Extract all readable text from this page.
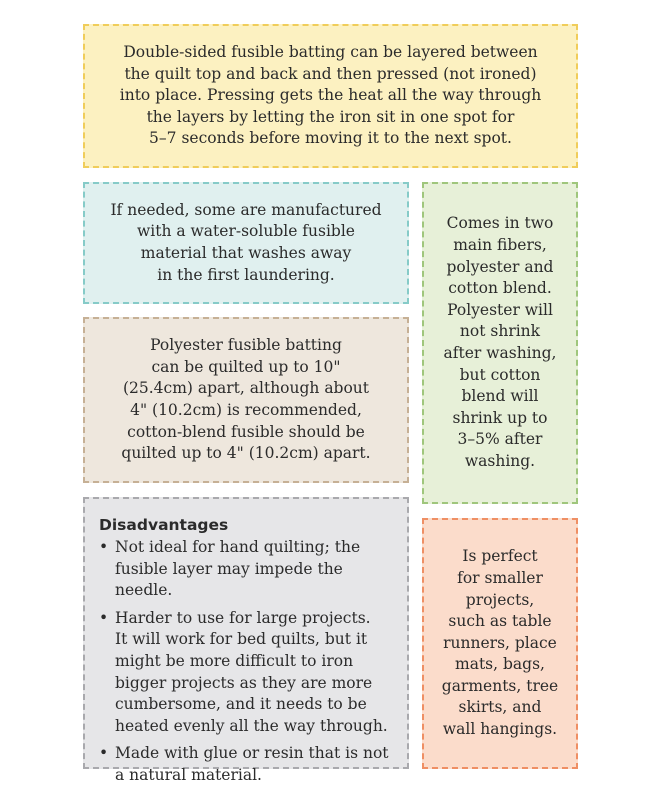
Double-sided fusible batting can be layered between
the quilt top and back and then pressed (not ironed)
into place. Pressing gets the heat all the way through
the layers by letting the iron sit in one spot for
5–7 seconds before moving it to the next spot.

If needed, some are manufactured
with a water-soluble fusible
material that washes away
in the first laundering.

Polyester fusible batting
can be quilted up to 10"
(25.4cm) apart, although about
4" (10.2cm) is recommended,
cotton-blend fusible should be
quilted up to 4" (10.2cm) apart.

Comes in two
main fibers,
polyester and
cotton blend.
Polyester will
not shrink
after washing,
but cotton
blend will
shrink up to
3–5% after
washing.

Disadvantages
• Not ideal for hand quilting; the
fusible layer may impede the needle.
• Harder to use for large projects.
It will work for bed quilts, but it
might be more difficult to iron
bigger projects as they are more
cumbersome, and it needs to be
heated evenly all the way through.
• Made with glue or resin that is not
a natural material.

Is perfect
for smaller
projects,
such as table
runners, place
mats, bags,
garments, tree
skirts, and
wall hangings.
